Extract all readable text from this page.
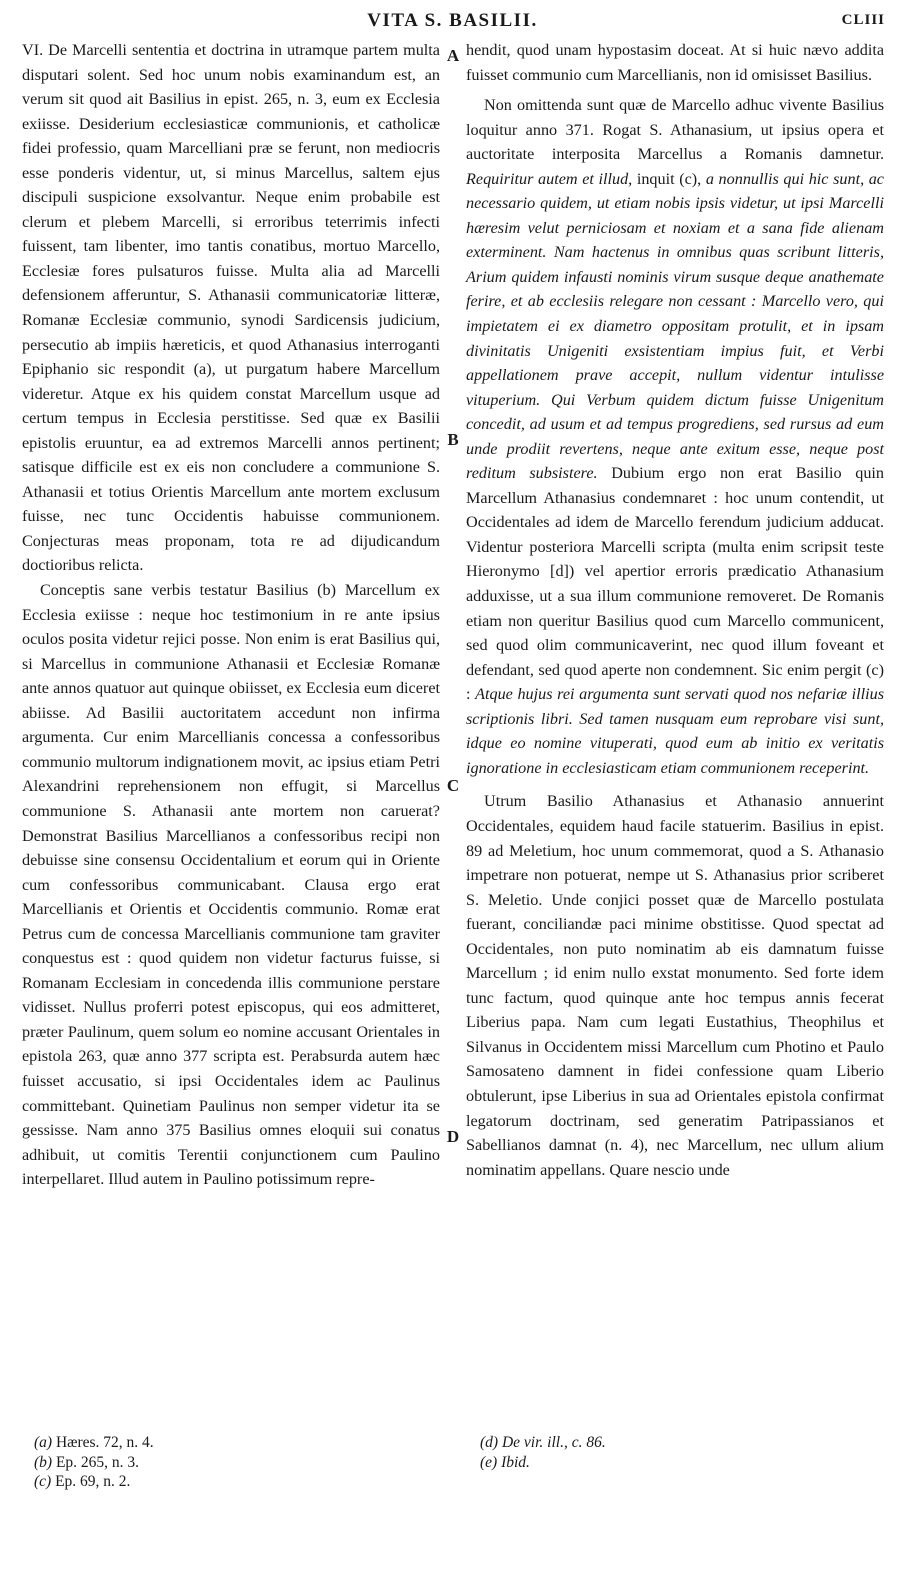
VITA S. BASILII.	CLIII

VI. De Marcelli sententia et doctrina in utramque partem multa disputari solent. Sed hoc unum nobis examinandum est, an verum sit quod ait Basilius in epist. 265, n. 3, eum ex Ecclesia exiisse. Desiderium ecclesiasticæ communionis, et catholicæ fidei professio, quam Marcelliani præ se ferunt, non mediocris esse ponderis videntur, ut, si minus Marcellus, saltem ejus discipuli suspicione exsolvantur. Neque enim probabile est clerum et plebem Marcelli, si erroribus teterrimis infecti fuissent, tam libenter, imo tantis conatibus, mortuo Marcello, Ecclesiæ fores pulsaturos fuisse. Multa alia ad Marcelli defensionem afferuntur, S. Athanasii communicatoriæ litteræ, Romanæ Ecclesiæ communio, synodi Sardicensis judicium, persecutio ab impiis hæreticis, et quod Athanasius interroganti Epiphanio sic respondit (a), ut purgatum habere Marcellum videretur. Atque ex his quidem constat Marcellum usque ad certum tempus in Ecclesia perstitisse. Sed quæ ex Basilii epistolis eruuntur, ea ad extremos Marcelli annos pertinent; satisque difficile est ex eis non concludere a communione S. Athanasii et totius Orientis Marcellum ante mortem exclusum fuisse, nec tunc Occidentis habuisse communionem. Conjecturas meas proponam, tota re ad dijudicandum doctioribus relicta.

Conceptis sane verbis testatur Basilius (b) Marcellum ex Ecclesia exiisse : neque hoc testimonium in re ante ipsius oculos posita videtur rejici posse. Non enim is erat Basilius qui, si Marcellus in communione Athanasii et Ecclesiæ Romanæ ante annos quatuor aut quinque obiisset, ex Ecclesia eum diceret abiisse. Ad Basilii auctoritatem accedunt non infirma argumenta. Cur enim Marcellianis concessa a confessoribus communio multorum indignationem movit, ac ipsius etiam Petri Alexandrini reprehensionem non effugit, si Marcellus communione S. Athanasii ante mortem non caruerat? Demonstrat Basilius Marcellianos a confessoribus recipi non debuisse sine consensu Occidentalium et eorum qui in Oriente cum confessoribus communicabant. Clausa ergo erat Marcellianis et Orientis et Occidentis communio. Romæ erat Petrus cum de concessa Marcellianis communione tam graviter conquestus est : quod quidem non videtur facturus fuisse, si Romanam Ecclesiam in concedenda illis communione perstare vidisset. Nullus proferri potest episcopus, qui eos admitteret, præter Paulinum, quem solum eo nomine accusant Orientales in epistola 263, quæ anno 377 scripta est. Perabsurda autem hæc fuisset accusatio, si ipsi Occidentales idem ac Paulinus committebant. Quinetiam Paulinus non semper videtur ita se gessisse. Nam anno 375 Basilius omnes eloquii sui conatus adhibuit, ut comitis Terentii conjunctionem cum Paulino interpellaret. Illud autem in Paulino potissimum repre-

A
B
C
D

hendit, quod unam hypostasim doceat. At si huic nævo addita fuisset communio cum Marcellianis, non id omisisset Basilius.

Non omittenda sunt quæ de Marcello adhuc vivente Basilius loquitur anno 371. Rogat S. Athanasium, ut ipsius opera et auctoritate interposita Marcellus a Romanis damnetur. Requiritur autem et illud, inquit (c), a nonnullis qui hic sunt, ac necessario quidem, ut etiam nobis ipsis videtur, ut ipsi Marcelli hæresim velut perniciosam et noxiam et a sana fide alienam exterminent. Nam hactenus in omnibus quas scribunt litteris, Arium quidem infausti nominis virum susque deque anathemate ferire, et ab ecclesiis relegare non cessant : Marcello vero, qui impietatem ei ex diametro oppositam protulit, et in ipsam divinitatis Unigeniti exsistentiam impius fuit, et Verbi appellationem prave accepit, nullum videntur intulisse vituperium. Qui Verbum quidem dictum fuisse Unigenitum concedit, ad usum et ad tempus progrediens, sed rursus ad eum unde prodiit revertens, neque ante exitum esse, neque post reditum subsistere. Dubium ergo non erat Basilio quin Marcellum Athanasius condemnaret : hoc unum contendit, ut Occidentales ad idem de Marcello ferendum judicium adducat. Videntur posteriora Marcelli scripta (multa enim scripsit teste Hieronymo [d]) vel apertior erroris prædicatio Athanasium adduxisse, ut a sua illum communione removeret. De Romanis etiam non queritur Basilius quod cum Marcello communicent, sed quod olim communicaverint, nec quod illum foveant et defendant, sed quod aperte non condemnent. Sic enim pergit (c) : Atque hujus rei argumenta sunt servati quod nos nefariæ illius scriptionis libri. Sed tamen nusquam eum reprobare visi sunt, idque eo nomine vituperati, quod eum ab initio ex veritatis ignoratione in ecclesiasticam etiam communionem receperint.

Utrum Basilio Athanasius et Athanasio annuerint Occidentales, equidem haud facile statuerim. Basilius in epist. 89 ad Meletium, hoc unum commemorat, quod a S. Athanasio impetrare non potuerat, nempe ut S. Athanasius prior scriberet S. Meletio. Unde conjici posset quæ de Marcello postulata fuerant, conciliandæ paci minime obstitisse. Quod spectat ad Occidentales, non puto nominatim ab eis damnatum fuisse Marcellum ; id enim nullo exstat monumento. Sed forte idem tunc factum, quod quinque ante hoc tempus annis fecerat Liberius papa. Nam cum legati Eustathius, Theophilus et Silvanus in Occidentem missi Marcellum cum Photino et Paulo Samosateno damnent in fidei confessione quam Liberio obtulerunt, ipse Liberius in sua ad Orientales epistola confirmat legatorum doctrinam, sed generatim Patripassianos et Sabellianos damnat (n. 4), nec Marcellum, nec ullum alium nominatim appellans. Quare nescio unde

(a) Hæres. 72, n. 4.
(b) Ep. 265, n. 3.
(c) Ep. 69, n. 2.
(d) De vir. ill., c. 86.
(e) Ibid.
